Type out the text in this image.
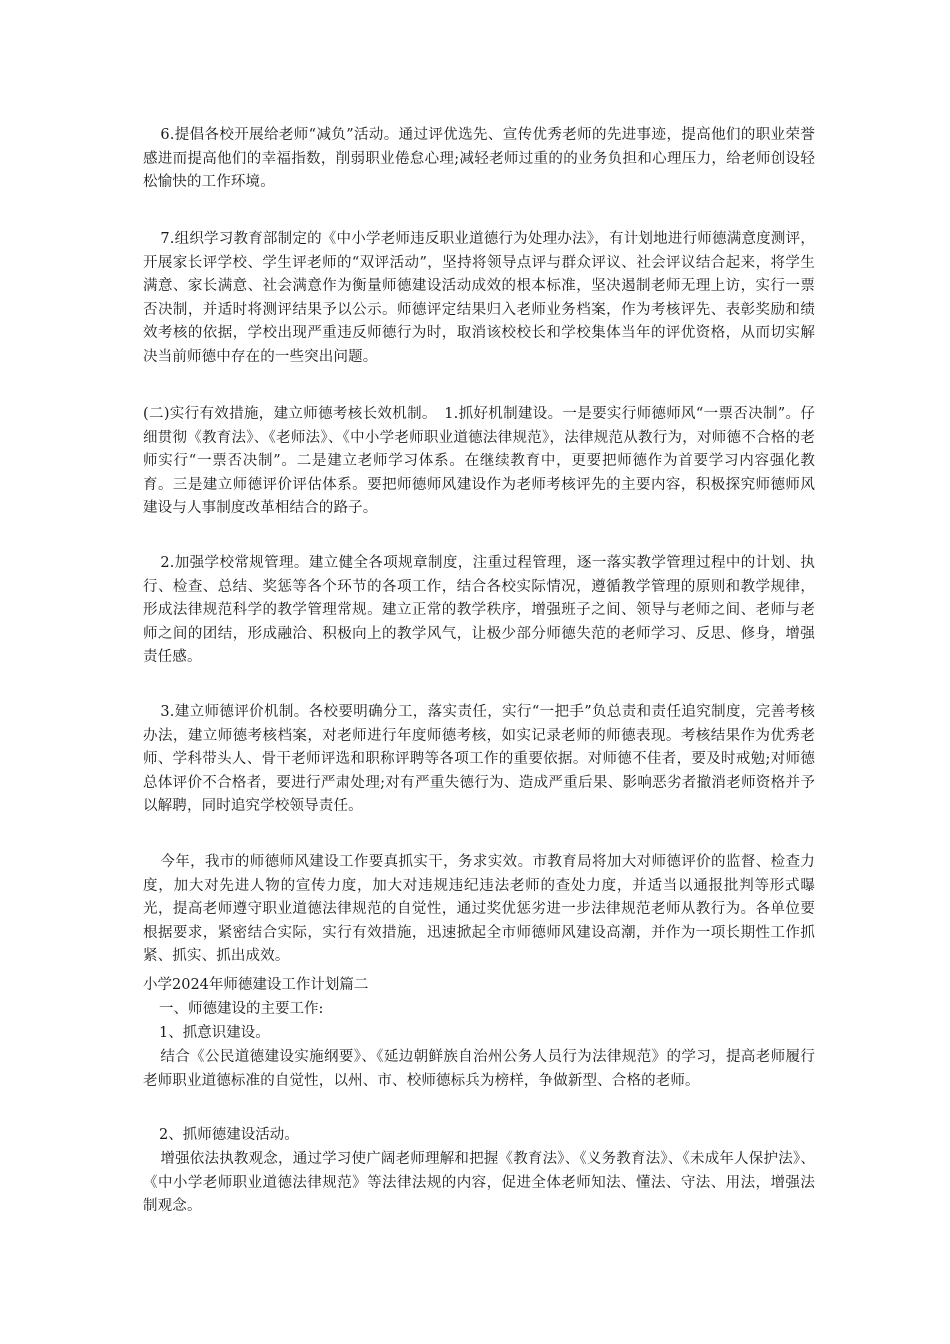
6.提倡各校开展给老师“减负”活动。通过评优选先、宣传优秀老师的先进事迹，提高他们的职业荣誉感进而提高他们的幸福指数，削弱职业倦怠心理;减轻老师过重的的业务负担和心理压力，给老师创设轻松愉快的工作环境。

7.组织学习教育部制定的《中小学老师违反职业道德行为处理办法》，有计划地进行师德满意度测评，开展家长评学校、学生评老师的“双评活动”，坚持将领导点评与群众评议、社会评议结合起来，将学生满意、家长满意、社会满意作为衡量师德建设活动成效的根本标准，坚决遏制老师无理上访，实行一票否决制，并适时将测评结果予以公示。师德评定结果归入老师业务档案，作为考核评先、表彰奖励和绩效考核的依据，学校出现严重违反师德行为时，取消该校校长和学校集体当年的评优资格，从而切实解决当前师德中存在的一些突出问题。

(二)实行有效措施，建立师德考核长效机制。　1.抓好机制建设。一是要实行师德师风“一票否决制”。仔细贯彻《教育法》、《老师法》、《中小学老师职业道德法律规范》，法律规范从教行为，对师德不合格的老师实行“一票否决制”。二是建立老师学习体系。在继续教育中，更要把师德作为首要学习内容强化教育。三是建立师德评价评估体系。要把师德师风建设作为老师考核评先的主要内容，积极探究师德师风建设与人事制度改革相结合的路子。

2.加强学校常规管理。建立健全各项规章制度，注重过程管理，逐一落实教学管理过程中的计划、执行、检查、总结、奖惩等各个环节的各项工作，结合各校实际情况，遵循教学管理的原则和教学规律，形成法律规范科学的教学管理常规。建立正常的教学秩序，增强班子之间、领导与老师之间、老师与老师之间的团结，形成融洽、积极向上的教学风气，让极少部分师德失范的老师学习、反思、修身，增强责任感。

3.建立师德评价机制。各校要明确分工，落实责任，实行“一把手”负总责和责任追究制度，完善考核办法，建立师德考核档案，对老师进行年度师德考核，如实记录老师的师德表现。考核结果作为优秀老师、学科带头人、骨干老师评选和职称评聘等各项工作的重要依据。对师德不佳者，要及时戒勉;对师德总体评价不合格者，要进行严肃处理;对有严重失德行为、造成严重后果、影响恶劣者撤消老师资格并予以解聘，同时追究学校领导责任。

今年，我市的师德师风建设工作要真抓实干，务求实效。市教育局将加大对师德评价的监督、检查力度，加大对先进人物的宣传力度，加大对违规违纪违法老师的查处力度，并适当以通报批判等形式曝光，提高老师遵守职业道德法律规范的自觉性，通过奖优惩劣进一步法律规范老师从教行为。各单位要根据要求，紧密结合实际，实行有效措施，迅速掀起全市师德师风建设高潮，并作为一项长期性工作抓紧、抓实、抓出成效。

小学2024年师德建设工作计划篇二

一、师德建设的主要工作:

1、抓意识建设。

结合《公民道德建设实施纲要》、《延边朝鲜族自治州公务人员行为法律规范》的学习，提高老师履行老师职业道德标准的自觉性，以州、市、校师德标兵为榜样，争做新型、合格的老师。

2、抓师德建设活动。

增强依法执教观念，通过学习使广阔老师理解和把握《教育法》、《义务教育法》、《未成年人保护法》、《中小学老师职业道德法律规范》等法律法规的内容，促进全体老师知法、懂法、守法、用法，增强法制观念。
